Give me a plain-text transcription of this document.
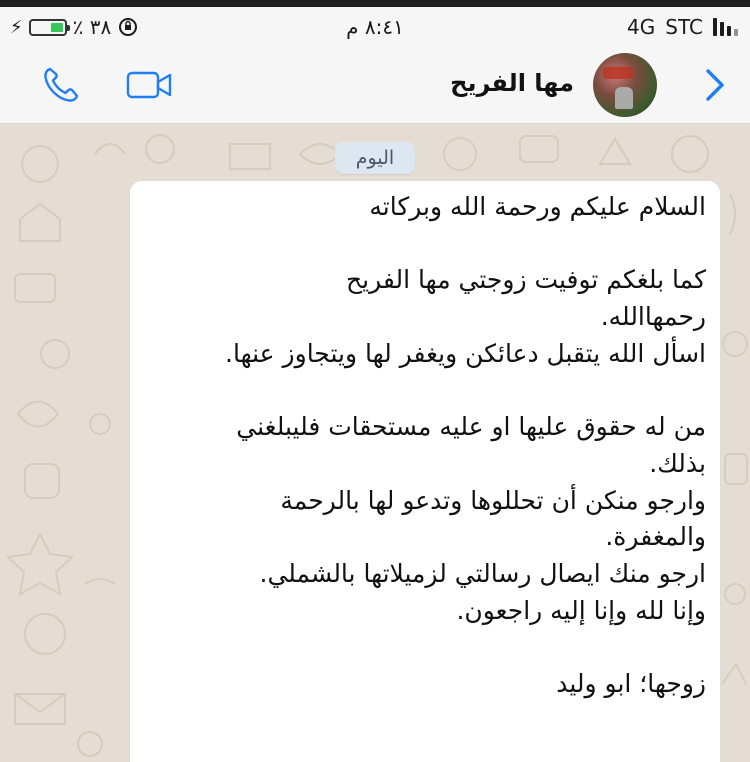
⚡	٣٨ ٪	٨:٤١ م	4G STC
مها الفريح
اليوم
السلام عليكم ورحمة الله وبركاته
كما بلغكم توفيت زوجتي مها الفريح
رحمهاالله.
اسأل الله يتقبل دعائكن ويغفر لها ويتجاوز عنها.
من له حقوق عليها او عليه مستحقات فليبلغني
بذلك.
وارجو منكن أن تحللوها وتدعو لها بالرحمة
والمغفرة.
ارجو منك ايصال رسالتي لزميلاتها بالشملي.
وإنا لله وإنا إليه راجعون.
زوجها؛ ابو وليد
